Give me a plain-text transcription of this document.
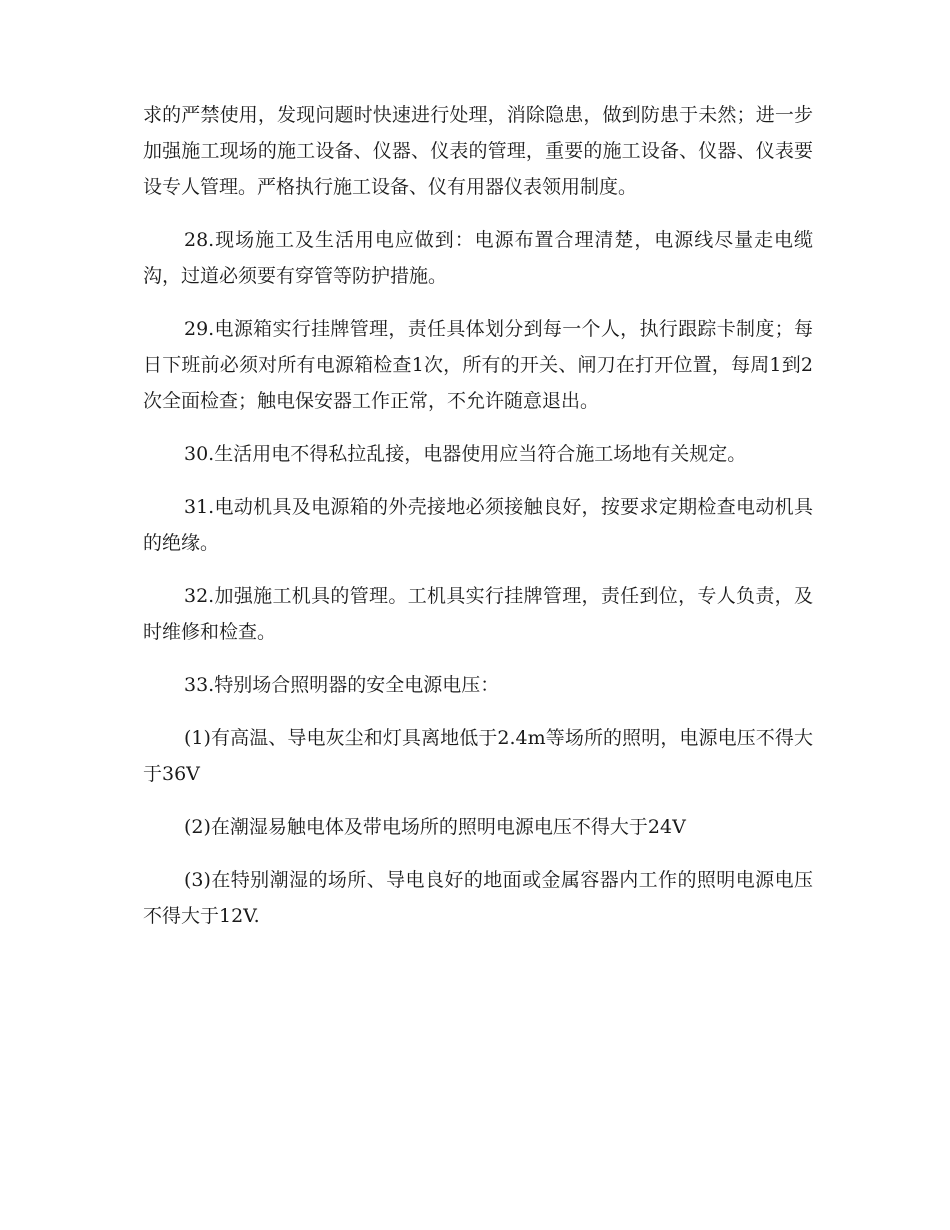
求的严禁使用，发现问题时快速进行处理，消除隐患，做到防患于未然；进一步加强施工现场的施工设备、仪器、仪表的管理，重要的施工设备、仪器、仪表要设专人管理。严格执行施工设备、仪有用器仪表领用制度。

28.现场施工及生活用电应做到：电源布置合理清楚，电源线尽量走电缆沟，过道必须要有穿管等防护措施。

29.电源箱实行挂牌管理，责任具体划分到每一个人，执行跟踪卡制度；每日下班前必须对所有电源箱检查1次，所有的开关、闸刀在打开位置，每周1到2次全面检查；触电保安器工作正常，不允许随意退出。

30.生活用电不得私拉乱接，电器使用应当符合施工场地有关规定。

31.电动机具及电源箱的外壳接地必须接触良好，按要求定期检查电动机具的绝缘。

32.加强施工机具的管理。工机具实行挂牌管理，责任到位，专人负责，及时维修和检查。

33.特别场合照明器的安全电源电压：

(1)有高温、导电灰尘和灯具离地低于2.4m等场所的照明，电源电压不得大于36V

(2)在潮湿易触电体及带电场所的照明电源电压不得大于24V

(3)在特别潮湿的场所、导电良好的地面或金属容器内工作的照明电源电压不得大于12V.
